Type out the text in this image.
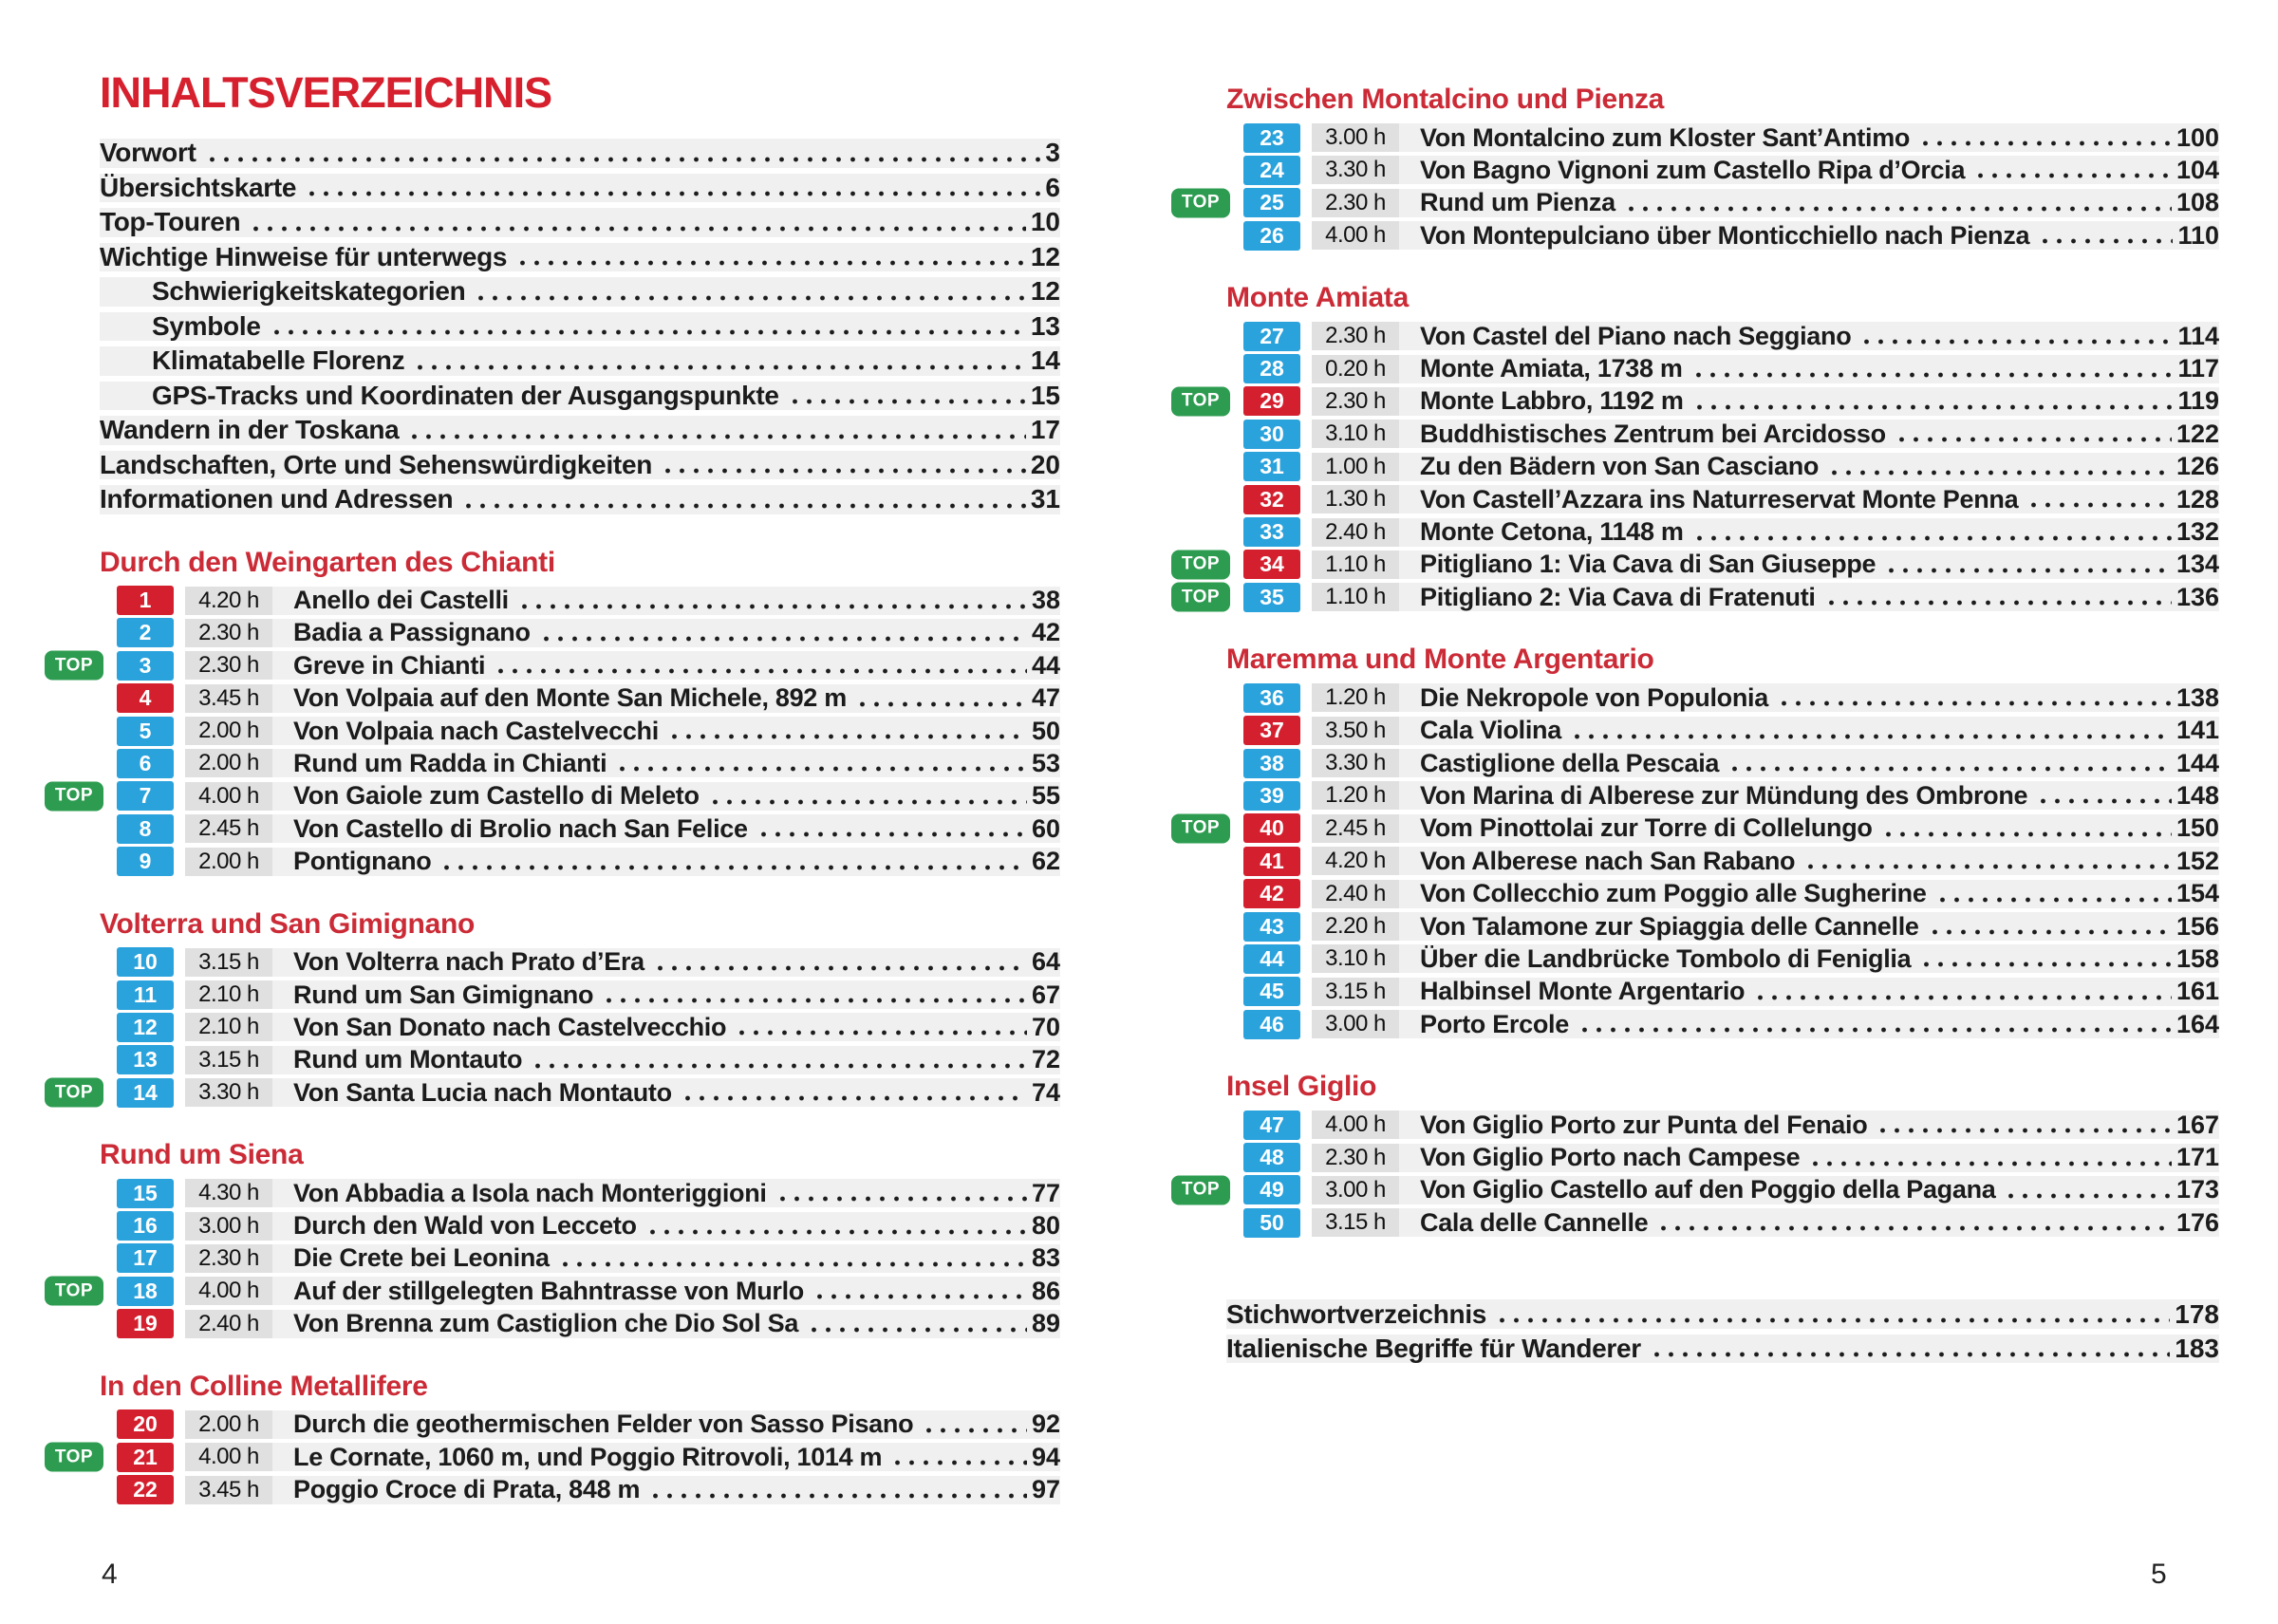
INHALTSVERZEICHNIS
Vorwort	3
Übersichtskarte	6
Top-Touren	10
Wichtige Hinweise für unterwegs	12
Schwierigkeitskategorien	12
Symbole	13
Klimatabelle Florenz	14
GPS-Tracks und Koordinaten der Ausgangspunkte	15
Wandern in der Toskana	17
Landschaften, Orte und Sehenswürdigkeiten	20
Informationen und Adressen	31
Durch den Weingarten des Chianti
1	4.20 h	Anello dei Castelli	38
2	2.30 h	Badia a Passignano	42
TOP	3	2.30 h	Greve in Chianti	44
4	3.45 h	Von Volpaia auf den Monte San Michele, 892 m	47
5	2.00 h	Von Volpaia nach Castelvecchi	50
6	2.00 h	Rund um Radda in Chianti	53
TOP	7	4.00 h	Von Gaiole zum Castello di Meleto	55
8	2.45 h	Von Castello di Brolio nach San Felice	60
9	2.00 h	Pontignano	62
Volterra und San Gimignano
10	3.15 h	Von Volterra nach Prato d’Era	64
11	2.10 h	Rund um San Gimignano	67
12	2.10 h	Von San Donato nach Castelvecchio	70
13	3.15 h	Rund um Montauto	72
TOP	14	3.30 h	Von Santa Lucia nach Montauto	74
Rund um Siena
15	4.30 h	Von Abbadia a Isola nach Monteriggioni	77
16	3.00 h	Durch den Wald von Lecceto	80
17	2.30 h	Die Crete bei Leonina	83
TOP	18	4.00 h	Auf der stillgelegten Bahntrasse von Murlo	86
19	2.40 h	Von Brenna zum Castiglion che Dio Sol Sa	89
In den Colline Metallifere
20	2.00 h	Durch die geothermischen Felder von Sasso Pisano	92
TOP	21	4.00 h	Le Cornate, 1060 m, und Poggio Ritrovoli, 1014 m	94
22	3.45 h	Poggio Croce di Prata, 848 m	97
Zwischen Montalcino und Pienza
23	3.00 h	Von Montalcino zum Kloster Sant’Antimo	100
24	3.30 h	Von Bagno Vignoni zum Castello Ripa d’Orcia	104
TOP	25	2.30 h	Rund um Pienza	108
26	4.00 h	Von Montepulciano über Monticchiello nach Pienza	110
Monte Amiata
27	2.30 h	Von Castel del Piano nach Seggiano	114
28	0.20 h	Monte Amiata, 1738 m	117
TOP	29	2.30 h	Monte Labbro, 1192 m	119
30	3.10 h	Buddhistisches Zentrum bei Arcidosso	122
31	1.00 h	Zu den Bädern von San Casciano	126
32	1.30 h	Von Castell’Azzara ins Naturreservat Monte Penna	128
33	2.40 h	Monte Cetona, 1148 m	132
TOP	34	1.10 h	Pitigliano 1: Via Cava di San Giuseppe	134
TOP	35	1.10 h	Pitigliano 2: Via Cava di Fratenuti	136
Maremma und Monte Argentario
36	1.20 h	Die Nekropole von Populonia	138
37	3.50 h	Cala Violina	141
38	3.30 h	Castiglione della Pescaia	144
39	1.20 h	Von Marina di Alberese zur Mündung des Ombrone	148
TOP	40	2.45 h	Vom Pinottolai zur Torre di Collelungo	150
41	4.20 h	Von Alberese nach San Rabano	152
42	2.40 h	Von Collecchio zum Poggio alle Sugherine	154
43	2.20 h	Von Talamone zur Spiaggia delle Cannelle	156
44	3.10 h	Über die Landbrücke Tombolo di Feniglia	158
45	3.15 h	Halbinsel Monte Argentario	161
46	3.00 h	Porto Ercole	164
Insel Giglio
47	4.00 h	Von Giglio Porto zur Punta del Fenaio	167
48	2.30 h	Von Giglio Porto nach Campese	171
TOP	49	3.00 h	Von Giglio Castello auf den Poggio della Pagana	173
50	3.15 h	Cala delle Cannelle	176
Stichwortverzeichnis	178
Italienische Begriffe für Wanderer	183
4	5
